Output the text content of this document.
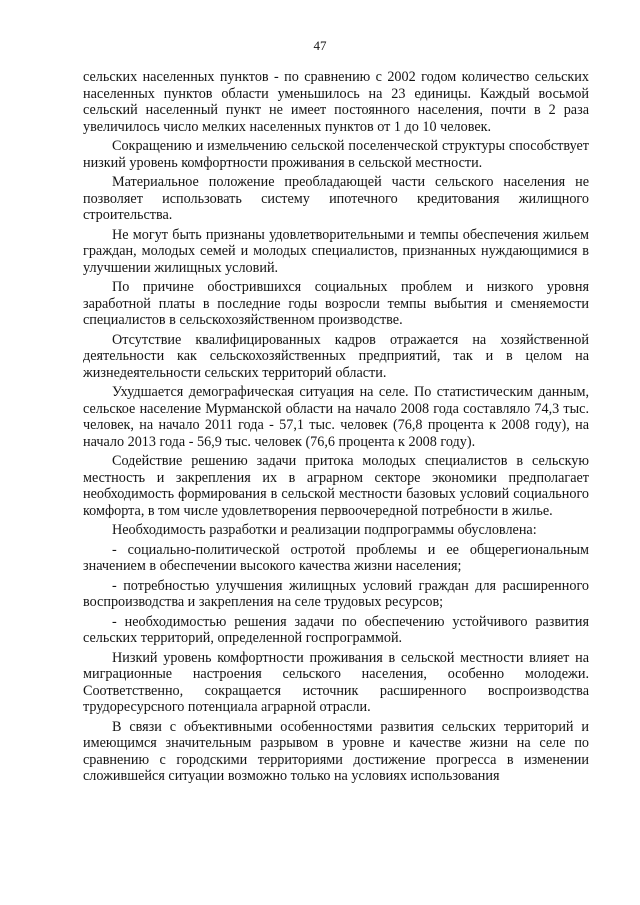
47

сельских населенных пунктов - по сравнению с 2002 годом количество сельских населенных пунктов области уменьшилось на 23 единицы. Каждый восьмой сельский населенный пункт не имеет постоянного населения, почти в 2 раза увеличилось число мелких населенных пунктов от 1 до 10 человек.

Сокращению и измельчению сельской поселенческой структуры способствует низкий уровень комфортности проживания в сельской местности.

Материальное положение преобладающей части сельского населения не позволяет использовать систему ипотечного кредитования жилищного строительства.

Не могут быть признаны удовлетворительными и темпы обеспечения жильем граждан, молодых семей и молодых специалистов, признанных нуждающимися в улучшении жилищных условий.

По причине обострившихся социальных проблем и низкого уровня заработной платы в последние годы возросли темпы выбытия и сменяемости специалистов в сельскохозяйственном производстве.

Отсутствие квалифицированных кадров отражается на хозяйственной деятельности как сельскохозяйственных предприятий, так и в целом на жизнедеятельности сельских территорий области.

Ухудшается демографическая ситуация на селе. По статистическим данным, сельское население Мурманской области на начало 2008 года составляло 74,3 тыс. человек, на начало 2011 года - 57,1 тыс. человек (76,8 процента к 2008 году), на начало 2013 года - 56,9 тыс. человек (76,6 процента к 2008 году).

Содействие решению задачи притока молодых специалистов в сельскую местность и закрепления их в аграрном секторе экономики предполагает необходимость формирования в сельской местности базовых условий социального комфорта, в том числе удовлетворения первоочередной потребности в жилье.

Необходимость разработки и реализации подпрограммы обусловлена:

- социально-политической остротой проблемы и ее общерегиональным значением в обеспечении высокого качества жизни населения;

- потребностью улучшения жилищных условий граждан для расширенного воспроизводства и закрепления на селе трудовых ресурсов;

- необходимостью решения задачи по обеспечению устойчивого развития сельских территорий, определенной госпрограммой.

Низкий уровень комфортности проживания в сельской местности влияет на миграционные настроения сельского населения, особенно молодежи. Соответственно, сокращается источник расширенного воспроизводства трудоресурсного потенциала аграрной отрасли.

В связи с объективными особенностями развития сельских территорий и имеющимся значительным разрывом в уровне и качестве жизни на селе по сравнению с городскими территориями достижение прогресса в изменении сложившейся ситуации возможно только на условиях использования
